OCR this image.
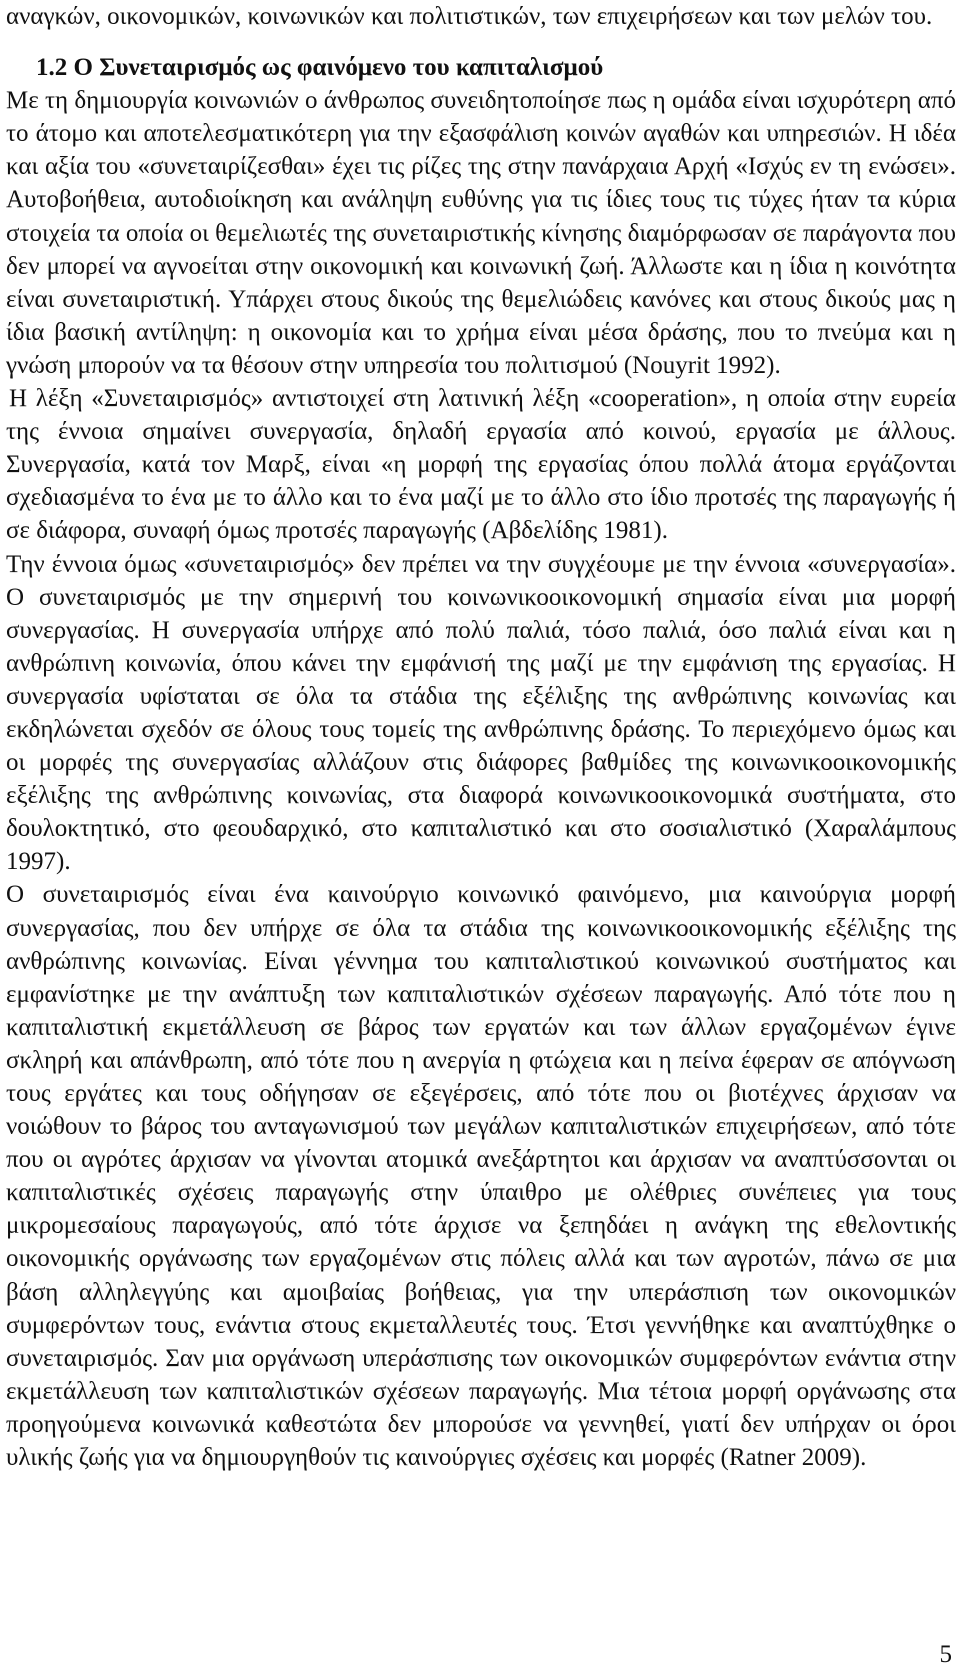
αναγκών, οικονομικών, κοινωνικών και πολιτιστικών, των επιχειρήσεων και των μελών του.

1.2 Ο Συνεταιρισμός ως φαινόμενο του καπιταλισμού

Με τη δημιουργία κοινωνιών ο άνθρωπος συνειδητοποίησε πως η ομάδα είναι ισχυρότερη από το άτομο και αποτελεσματικότερη για την εξασφάλιση κοινών αγαθών και υπηρεσιών. Η ιδέα και αξία του «συνεταιρίζεσθαι» έχει τις ρίζες της στην πανάρχαια Αρχή «Ισχύς εν τη ενώσει». Αυτοβοήθεια, αυτοδιοίκηση και ανάληψη ευθύνης για τις ίδιες τους τις τύχες ήταν τα κύρια στοιχεία τα οποία οι θεμελιωτές της συνεταιριστικής κίνησης διαμόρφωσαν σε παράγοντα που δεν μπορεί να αγνοείται στην οικονομική και κοινωνική ζωή. Άλλωστε και η ίδια η κοινότητα είναι συνεταιριστική. Υπάρχει στους δικούς της θεμελιώδεις κανόνες και στους δικούς μας η ίδια βασική αντίληψη: η οικονομία και το χρήμα είναι μέσα δράσης, που το πνεύμα και η γνώση μπορούν να τα θέσουν στην υπηρεσία του πολιτισμού (Nouyrit 1992).

Η λέξη «Συνεταιρισμός» αντιστοιχεί στη λατινική λέξη «cooperation», η οποία στην ευρεία της έννοια σημαίνει συνεργασία, δηλαδή εργασία από κοινού, εργασία με άλλους. Συνεργασία, κατά τον Μαρξ, είναι «η μορφή της εργασίας όπου πολλά άτομα εργάζονται σχεδιασμένα το ένα με το άλλο και το ένα μαζί με το άλλο στο ίδιο προτσές της παραγωγής ή σε διάφορα, συναφή όμως προτσές παραγωγής (Αβδελίδης 1981).

Την έννοια όμως «συνεταιρισμός» δεν πρέπει να την συγχέουμε με την έννοια «συνεργασία». Ο συνεταιρισμός με την σημερινή του κοινωνικοοικονομική σημασία είναι μια μορφή συνεργασίας. Η συνεργασία υπήρχε από πολύ παλιά, τόσο παλιά, όσο παλιά είναι και η ανθρώπινη κοινωνία, όπου κάνει την εμφάνισή της μαζί με την εμφάνιση της εργασίας. Η συνεργασία υφίσταται σε όλα τα στάδια της εξέλιξης της ανθρώπινης κοινωνίας και εκδηλώνεται σχεδόν σε όλους τους τομείς της ανθρώπινης δράσης. Το περιεχόμενο όμως και οι μορφές της συνεργασίας αλλάζουν στις διάφορες βαθμίδες της κοινωνικοοικονομικής εξέλιξης της ανθρώπινης κοινωνίας, στα διαφορά κοινωνικοοικονομικά συστήματα, στο δουλοκτητικό, στο φεουδαρχικό, στο καπιταλιστικό και στο σοσιαλιστικό (Χαραλάμπους 1997).

Ο συνεταιρισμός είναι ένα καινούργιο κοινωνικό φαινόμενο, μια καινούργια μορφή συνεργασίας, που δεν υπήρχε σε όλα τα στάδια της κοινωνικοοικονομικής εξέλιξης της ανθρώπινης κοινωνίας. Είναι γέννημα του καπιταλιστικού κοινωνικού συστήματος και εμφανίστηκε με την ανάπτυξη των καπιταλιστικών σχέσεων παραγωγής. Από τότε που η καπιταλιστική εκμετάλλευση σε βάρος των εργατών και των άλλων εργαζομένων έγινε σκληρή και απάνθρωπη, από τότε που η ανεργία η φτώχεια και η πείνα έφεραν σε απόγνωση τους εργάτες και τους οδήγησαν σε εξεγέρσεις, από τότε που οι βιοτέχνες άρχισαν να νοιώθουν το βάρος του ανταγωνισμού των μεγάλων καπιταλιστικών επιχειρήσεων, από τότε που οι αγρότες άρχισαν να γίνονται ατομικά ανεξάρτητοι και άρχισαν να αναπτύσσονται οι καπιταλιστικές σχέσεις παραγωγής στην ύπαιθρο με ολέθριες συνέπειες για τους μικρομεσαίους παραγωγούς, από τότε άρχισε να ξεπηδάει η ανάγκη της εθελοντικής οικονομικής οργάνωσης των εργαζομένων στις πόλεις αλλά και των αγροτών, πάνω σε μια βάση αλληλεγγύης και αμοιβαίας βοήθειας, για την υπεράσπιση των οικονομικών συμφερόντων τους, ενάντια στους εκμεταλλευτές τους. Έτσι γεννήθηκε και αναπτύχθηκε ο συνεταιρισμός. Σαν μια οργάνωση υπεράσπισης των οικονομικών συμφερόντων ενάντια στην εκμετάλλευση των καπιταλιστικών σχέσεων παραγωγής. Μια τέτοια μορφή οργάνωσης στα προηγούμενα κοινωνικά καθεστώτα δεν μπορούσε να γεννηθεί, γιατί δεν υπήρχαν οι όροι υλικής ζωής για να δημιουργηθούν τις καινούργιες σχέσεις και μορφές (Ratner 2009).

5
